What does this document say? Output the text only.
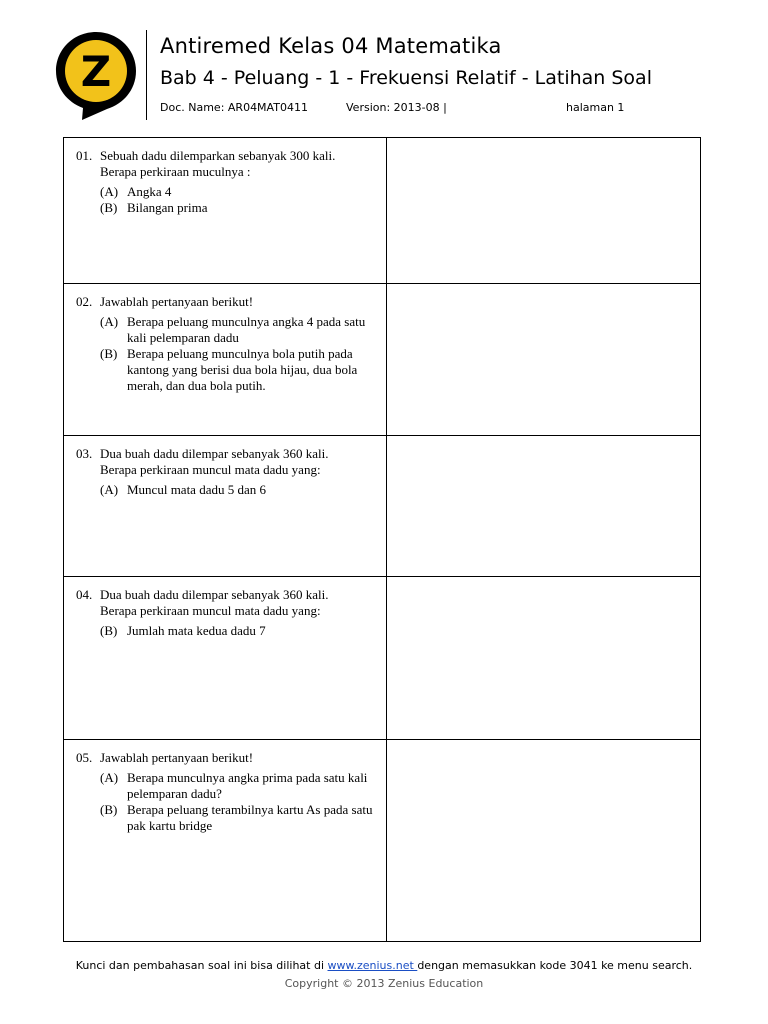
Z
Antiremed Kelas 04 Matematika
Bab 4 - Peluang - 1 - Frekuensi Relatif - Latihan Soal
Doc. Name: AR04MAT0411	Version: 2013-08 |	halaman 1
01. Sebuah dadu dilemparkan sebanyak 300 kali.
Berapa perkiraan muculnya :
(A) Angka 4
(B) Bilangan prima
02. Jawablah pertanyaan berikut!
(A) Berapa peluang munculnya angka 4 pada satu kali pelemparan dadu
(B) Berapa peluang munculnya bola putih pada kantong yang berisi dua bola hijau, dua bola merah, dan dua bola putih.
03. Dua buah dadu dilempar sebanyak 360 kali.
Berapa perkiraan muncul mata dadu yang:
(A) Muncul mata dadu 5 dan 6
04. Dua buah dadu dilempar sebanyak 360 kali.
Berapa perkiraan muncul mata dadu yang:
(B) Jumlah mata kedua dadu 7
05. Jawablah pertanyaan berikut!
(A) Berapa munculnya angka prima pada satu kali pelemparan dadu?
(B) Berapa peluang terambilnya kartu As pada satu pak kartu bridge
Kunci dan pembahasan soal ini bisa dilihat di www.zenius.net dengan memasukkan kode 3041 ke menu search.
Copyright © 2013 Zenius Education
